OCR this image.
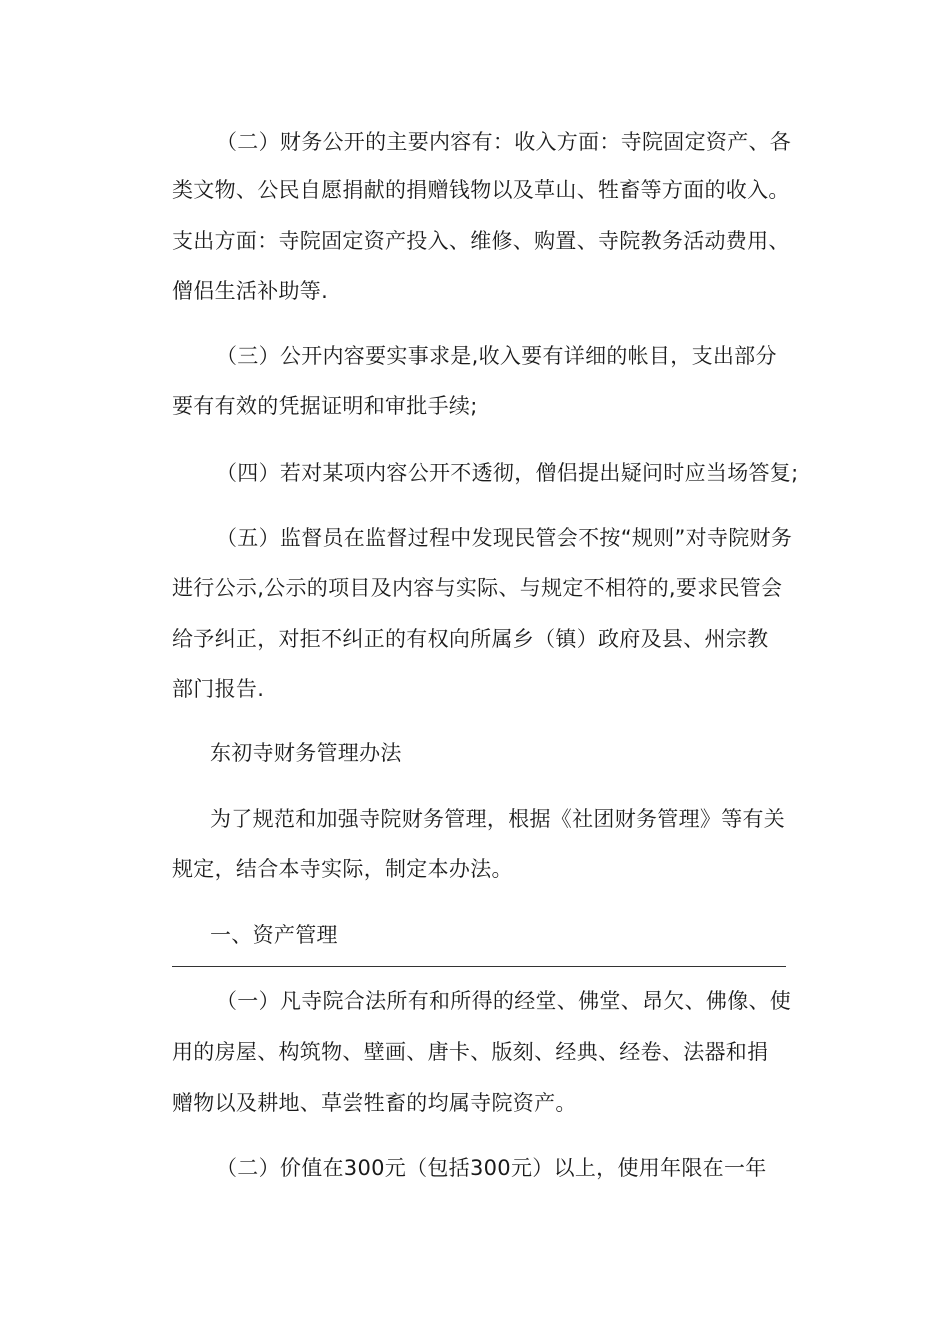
（二）财务公开的主要内容有：收入方面：寺院固定资产、各
类文物、公民自愿捐献的捐赠钱物以及草山、牲畜等方面的收入。
支出方面：寺院固定资产投入、维修、购置、寺院教务活动费用、
僧侣生活补助等.
（三）公开内容要实事求是,收入要有详细的帐目，支出部分
要有有效的凭据证明和审批手续;
（四）若对某项内容公开不透彻，僧侣提出疑问时应当场答复;
（五）监督员在监督过程中发现民管会不按“规则”对寺院财务
进行公示,公示的项目及内容与实际、与规定不相符的,要求民管会
给予纠正，对拒不纠正的有权向所属乡（镇）政府及县、州宗教
部门报告.
东初寺财务管理办法
为了规范和加强寺院财务管理，根据《社团财务管理》等有关
规定，结合本寺实际，制定本办法。
一、资产管理
（一）凡寺院合法所有和所得的经堂、佛堂、昂欠、佛像、使
用的房屋、构筑物、壁画、唐卡、版刻、经典、经卷、法器和捐
赠物以及耕地、草尝牲畜的均属寺院资产。
（二）价值在300元（包括300元）以上，使用年限在一年
